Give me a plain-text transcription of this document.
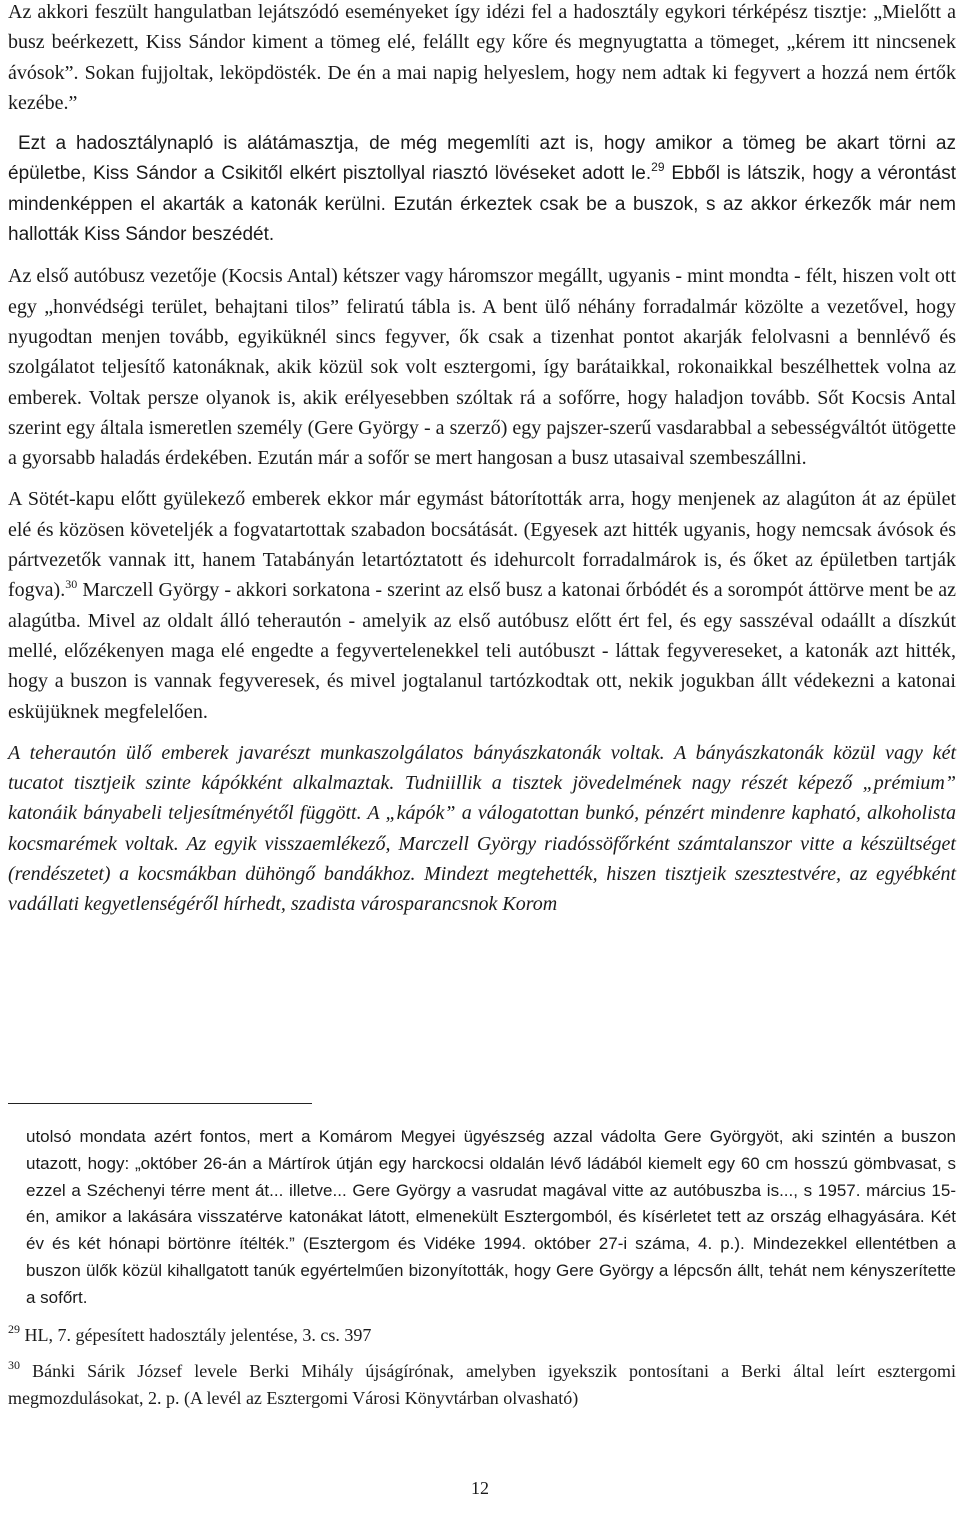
Az akkori feszült hangulatban lejátszódó eseményeket így idézi fel a hadosztály egykori térképész tisztje: „Mielőtt a busz beérkezett, Kiss Sándor kiment a tömeg elé, felállt egy kőre és megnyugtatta a tömeget, „kérem itt nincsenek ávósok”. Sokan fujjoltak, leköpdösték. De én a mai napig helyeslem, hogy nem adtak ki fegyvert a hozzá nem értők kezébe.”

Ezt a hadosztálynapló is alátámasztja, de még megemlíti azt is, hogy amikor a tömeg be akart törni az épületbe, Kiss Sándor a Csikitől elkért pisztollyal riasztó lövéseket adott le.$^{29}$ Ebből is látszik, hogy a vérontást mindenképpen el akarták a katonák kerülni. Ezután érkeztek csak be a buszok, s az akkor érkezők már nem hallották Kiss Sándor beszédét.

Az első autóbusz vezetője (Kocsis Antal) kétszer vagy háromszor megállt, ugyanis - mint mondta - félt, hiszen volt ott egy „honvédségi terület, behajtani tilos” feliratú tábla is. A bent ülő néhány forradalmár közölte a vezetővel, hogy nyugodtan menjen tovább, egyiküknél sincs fegyver, ők csak a tizenhat pontot akarják felolvasni a bennlévő és szolgálatot teljesítő katonáknak, akik közül sok volt esztergomi, így barátaikkal, rokonaikkal beszélhettek volna az emberek. Voltak persze olyanok is, akik erélyesebben szóltak rá a sofőrre, hogy haladjon tovább. Sőt Kocsis Antal szerint egy általa ismeretlen személy (Gere György - a szerző) egy pajszer-szerű vasdarabbal a sebességváltót ütögette a gyorsabb haladás érdekében. Ezután már a sofőr se mert hangosan a busz utasaival szembeszállni.

A Sötét-kapu előtt gyülekező emberek ekkor már egymást bátorították arra, hogy menjenek az alagúton át az épület elé és közösen követeljék a fogvatartottak szabadon bocsátását. (Egyesek azt hitték ugyanis, hogy nemcsak ávósok és pártvezetők vannak itt, hanem Tatabányán letartóztatott és idehurcolt forradalmárok is, és őket az épületben tartják fogva).$^{30}$ Marczell György - akkori sorkatona - szerint az első busz a katonai őrbódét és a sorompót áttörve ment be az alagútba. Mivel az oldalt álló teherautón - amelyik az első autóbusz előtt ért fel, és egy sasszéval odaállt a díszkút mellé, előzékenyen maga elé engedte a fegyvertelenekkel teli autóbuszt - láttak fegyvereseket, a katonák azt hitték, hogy a buszon is vannak fegyveresek, és mivel jogtalanul tartózkodtak ott, nekik jogukban állt védekezni a katonai esküjüknek megfelelően.

A teherautón ülő emberek javarészt munkaszolgálatos bányászkatonák voltak. A bányászkatonák közül vagy két tucatot tisztjeik szinte kápókként alkalmaztak. Tudniillik a tisztek jövedelmének nagy részét képező „prémium” katonáik bányabeli teljesítményétől függött. A „kápók” a válogatottan bunkó, pénzért mindenre kapható, alkoholista kocsmarémek voltak. Az egyik visszaemlékező, Marczell György riadóssöfőrként számtalanszor vitte a készültséget (rendészetet) a kocsmákban dühöngő bandákhoz. Mindezt megtehették, hiszen tisztjeik szesztestvére, az egyébként vadállati kegyetlenségéről hírhedt, szadista városparancsnok Korom

utolsó mondata azért fontos, mert a Komárom Megyei ügyészség azzal vádolta Gere Györgyöt, aki szintén a buszon utazott, hogy: „október 26-án a Mártírok útján egy harckocsi oldalán lévő ládából kiemelt egy 60 cm hosszú gömbvasat, s ezzel a Széchenyi térre ment át... illetve... Gere György a vasrudat magával vitte az autóbuszba is..., s 1957. március 15-én, amikor a lakására visszatérve katonákat látott, elmenekült Esztergomból, és kísérletet tett az ország elhagyására. Két év és két hónapi börtönre ítélték.” (Esztergom és Vidéke 1994. október 27-i száma, 4. p.). Mindezekkel ellentétben a buszon ülők közül kihallgatott tanúk egyértelműen bizonyították, hogy Gere György a lépcsőn állt, tehát nem kényszerítette a sofőrt.

$^{29}$ HL, 7. gépesített hadosztály jelentése, 3. cs. 397

$^{30}$ Bánki Sárik József levele Berki Mihály újságírónak, amelyben igyekszik pontosítani a Berki által leírt esztergomi megmozdulásokat, 2. p. (A levél az Esztergomi Városi Könyvtárban olvasható)

12
